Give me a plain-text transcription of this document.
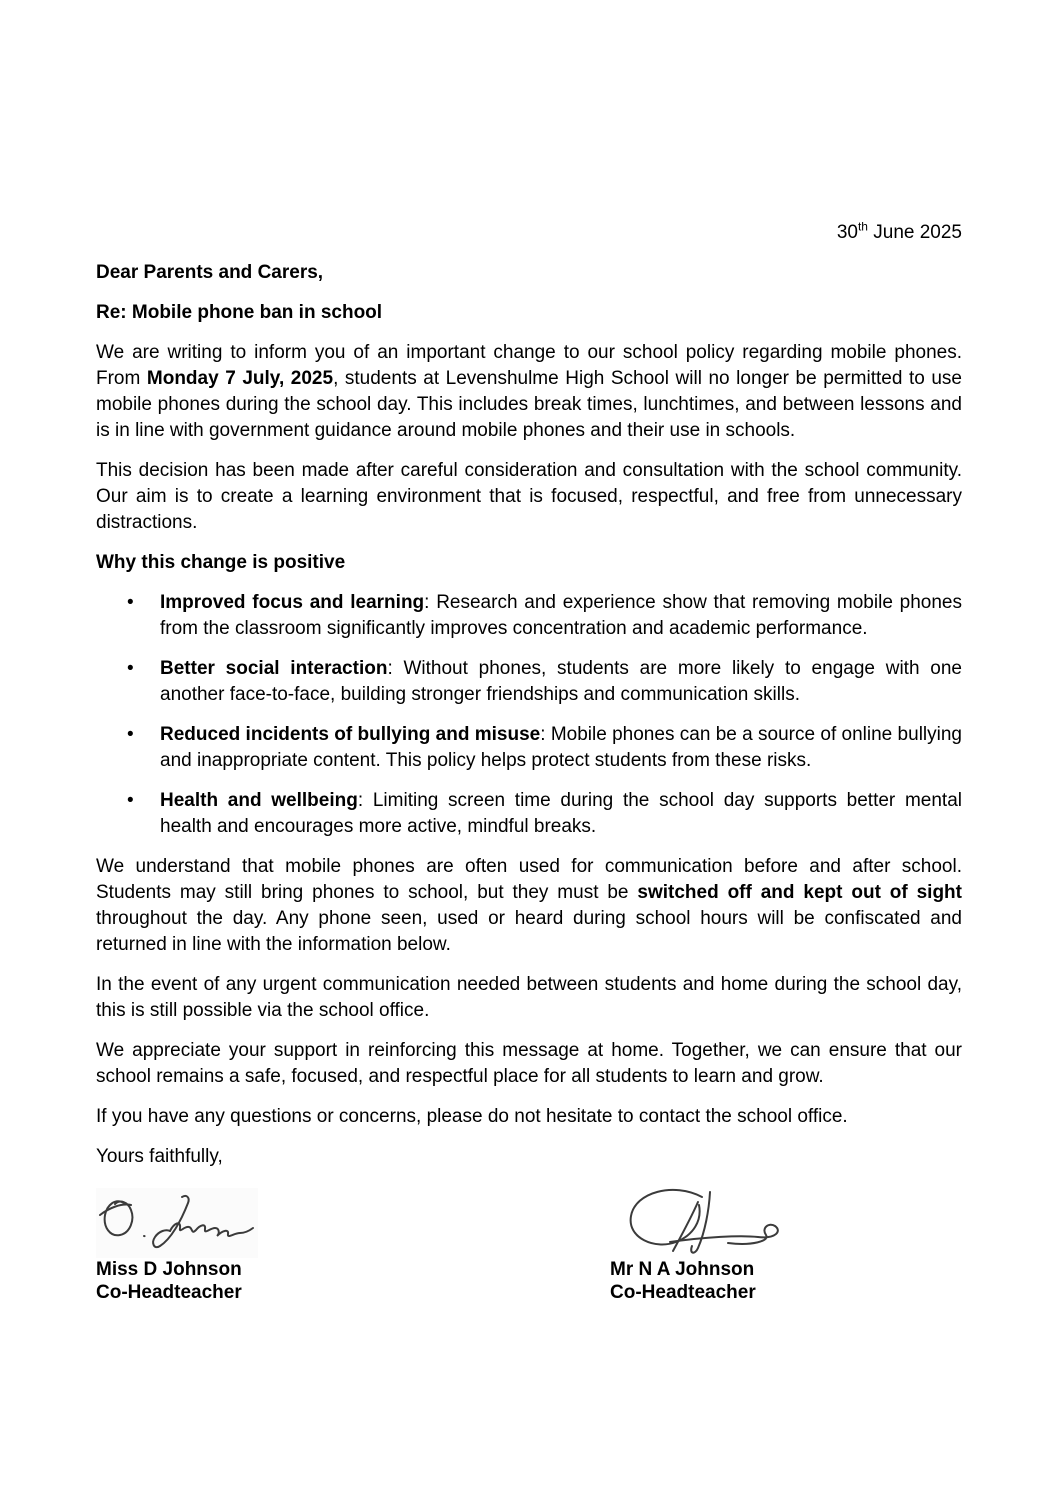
30th June 2025

Dear Parents and Carers,

Re: Mobile phone ban in school

We are writing to inform you of an important change to our school policy regarding mobile phones. From Monday 7 July, 2025, students at Levenshulme High School will no longer be permitted to use mobile phones during the school day. This includes break times, lunchtimes, and between lessons and is in line with government guidance around mobile phones and their use in schools.

This decision has been made after careful consideration and consultation with the school community. Our aim is to create a learning environment that is focused, respectful, and free from unnecessary distractions.

Why this change is positive

• Improved focus and learning: Research and experience show that removing mobile phones from the classroom significantly improves concentration and academic performance.
• Better social interaction: Without phones, students are more likely to engage with one another face-to-face, building stronger friendships and communication skills.
• Reduced incidents of bullying and misuse: Mobile phones can be a source of online bullying and inappropriate content. This policy helps protect students from these risks.
• Health and wellbeing: Limiting screen time during the school day supports better mental health and encourages more active, mindful breaks.

We understand that mobile phones are often used for communication before and after school. Students may still bring phones to school, but they must be switched off and kept out of sight throughout the day. Any phone seen, used or heard during school hours will be confiscated and returned in line with the information below.

In the event of any urgent communication needed between students and home during the school day, this is still possible via the school office.

We appreciate your support in reinforcing this message at home. Together, we can ensure that our school remains a safe, focused, and respectful place for all students to learn and grow.

If you have any questions or concerns, please do not hesitate to contact the school office.

Yours faithfully,

Miss D Johnson
Co-Headteacher
Mr N A Johnson
Co-Headteacher
